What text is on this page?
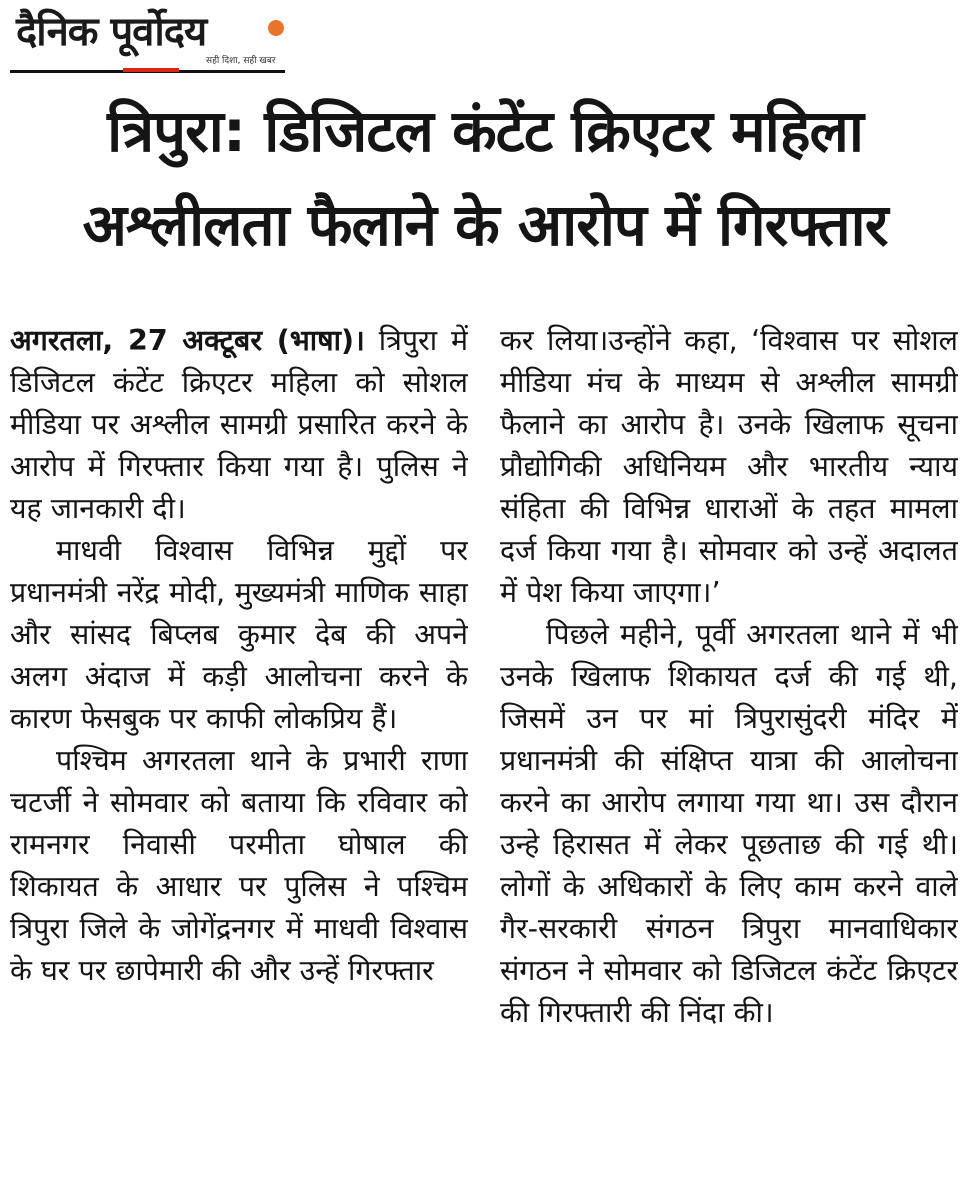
दैनिक पूर्वोदय
सही दिशा, सही खबर
त्रिपुरा: डिजिटल कंटेंट क्रिएटर महिला अश्लीलता फैलाने के आरोप में गिरफ्तार

अगरतला, 27 अक्टूबर (भाषा)। त्रिपुरा में डिजिटल कंटेंट क्रिएटर महिला को सोशल मीडिया पर अश्लील सामग्री प्रसारित करने के आरोप में गिरफ्तार किया गया है। पुलिस ने यह जानकारी दी।

माधवी विश्वास विभिन्न मुद्दों पर प्रधानमंत्री नरेंद्र मोदी, मुख्यमंत्री माणिक साहा और सांसद बिप्लब कुमार देब की अपने अलग अंदाज में कड़ी आलोचना करने के कारण फेसबुक पर काफी लोकप्रिय हैं।

पश्चिम अगरतला थाने के प्रभारी राणा चटर्जी ने सोमवार को बताया कि रविवार को रामनगर निवासी परमीता घोषाल की शिकायत के आधार पर पुलिस ने पश्चिम त्रिपुरा जिले के जोगेंद्रनगर में माधवी विश्वास के घर पर छापेमारी की और उन्हें गिरफ्तार

कर लिया।उन्होंने कहा, ‘विश्वास पर सोशल मीडिया मंच के माध्यम से अश्लील सामग्री फैलाने का आरोप है। उनके खिलाफ सूचना प्रौद्योगिकी अधिनियम और भारतीय न्याय संहिता की विभिन्न धाराओं के तहत मामला दर्ज किया गया है। सोमवार को उन्हें अदालत में पेश किया जाएगा।’

पिछले महीने, पूर्वी अगरतला थाने में भी उनके खिलाफ शिकायत दर्ज की गई थी, जिसमें उन पर मां त्रिपुरासुंदरी मंदिर में प्रधानमंत्री की संक्षिप्त यात्रा की आलोचना करने का आरोप लगाया गया था। उस दौरान उन्हे हिरासत में लेकर पूछताछ की गई थी।लोगों के अधिकारों के लिए काम करने वाले गैर-सरकारी संगठन त्रिपुरा मानवाधिकार संगठन ने सोमवार को डिजिटल कंटेंट क्रिएटर की गिरफ्तारी की निंदा की।
